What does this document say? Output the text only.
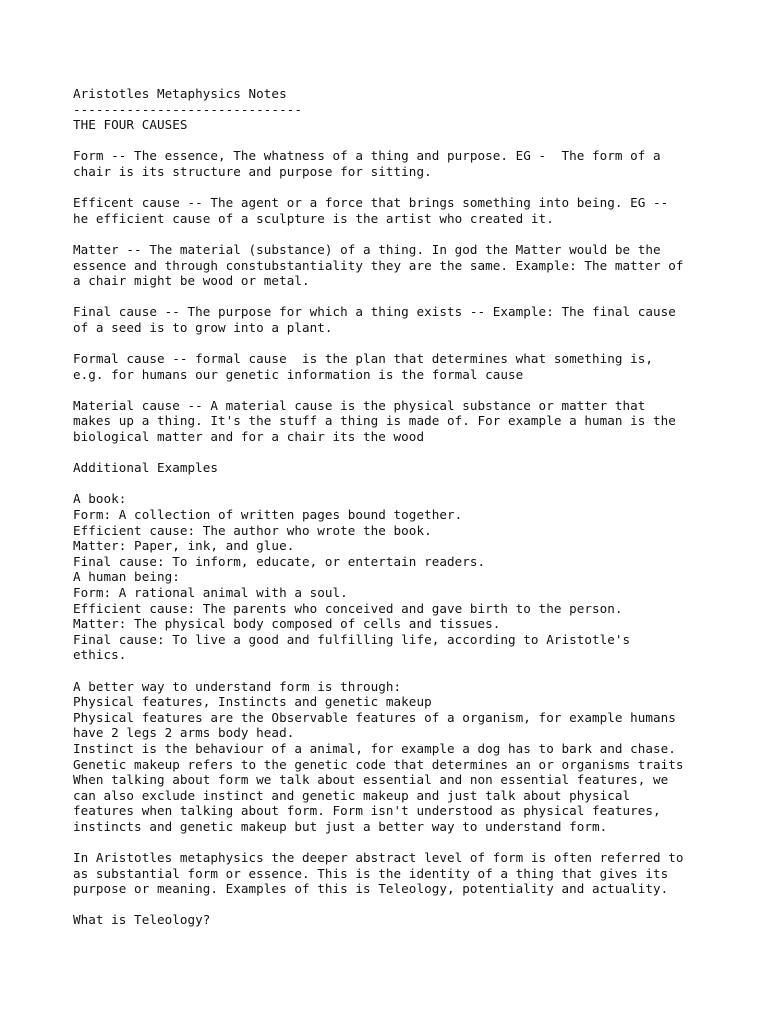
Aristotles Metaphysics Notes
------------------------------
THE FOUR CAUSES
Form -- The essence, The whatness of a thing and purpose. EG -  The form of a
chair is its structure and purpose for sitting.
Efficent cause -- The agent or a force that brings something into being. EG --
he efficient cause of a sculpture is the artist who created it.
Matter -- The material (substance) of a thing. In god the Matter would be the
essence and through constubstantiality they are the same. Example: The matter of
a chair might be wood or metal.
Final cause -- The purpose for which a thing exists -- Example: The final cause
of a seed is to grow into a plant.
Formal cause -- formal cause  is the plan that determines what something is,
e.g. for humans our genetic information is the formal cause
Material cause -- A material cause is the physical substance or matter that
makes up a thing. It's the stuff a thing is made of. For example a human is the
biological matter and for a chair its the wood
Additional Examples
A book:
Form: A collection of written pages bound together.
Efficient cause: The author who wrote the book.
Matter: Paper, ink, and glue.
Final cause: To inform, educate, or entertain readers.
A human being:
Form: A rational animal with a soul.
Efficient cause: The parents who conceived and gave birth to the person.
Matter: The physical body composed of cells and tissues.
Final cause: To live a good and fulfilling life, according to Aristotle's
ethics.
A better way to understand form is through:
Physical features, Instincts and genetic makeup
Physical features are the Observable features of a organism, for example humans
have 2 legs 2 arms body head.
Instinct is the behaviour of a animal, for example a dog has to bark and chase.
Genetic makeup refers to the genetic code that determines an or organisms traits
When talking about form we talk about essential and non essential features, we
can also exclude instinct and genetic makeup and just talk about physical
features when talking about form. Form isn't understood as physical features,
instincts and genetic makeup but just a better way to understand form.
In Aristotles metaphysics the deeper abstract level of form is often referred to
as substantial form or essence. This is the identity of a thing that gives its
purpose or meaning. Examples of this is Teleology, potentiality and actuality.
What is Teleology?
